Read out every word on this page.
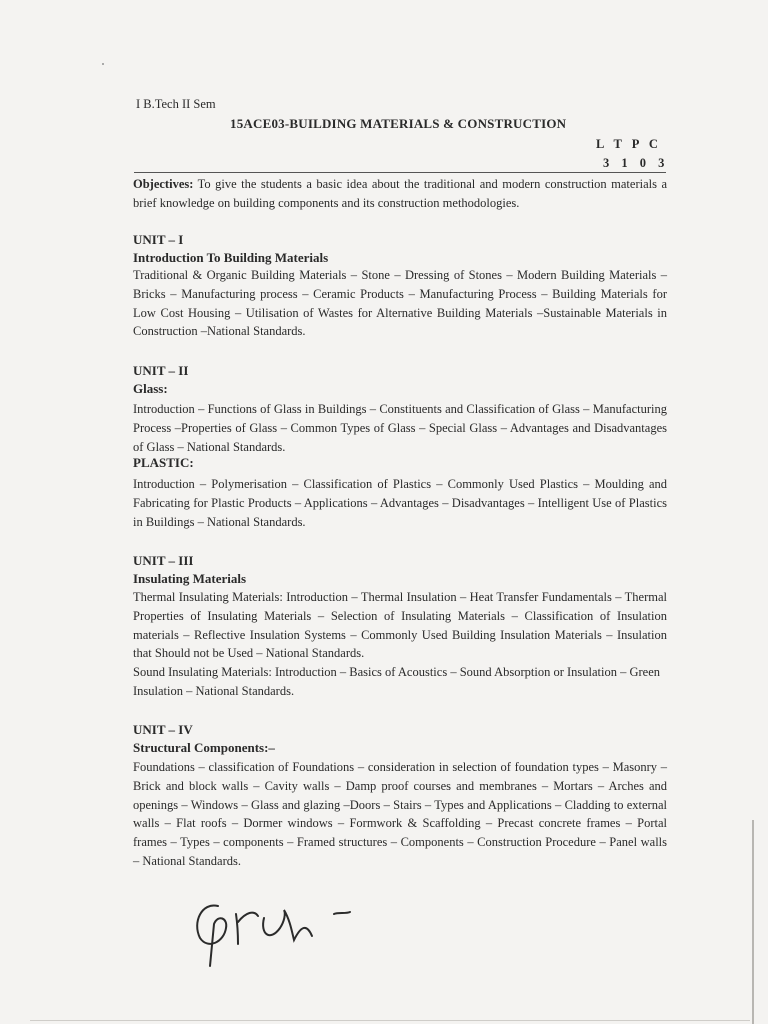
I B.Tech II Sem
15ACE03-BUILDING MATERIALS & CONSTRUCTION
L T P C
3 1 0 3
Objectives: To give the students a basic idea about the traditional and modern construction materials a brief knowledge on building components and its construction methodologies.
UNIT – I
Introduction To Building Materials
Traditional & Organic Building Materials – Stone – Dressing of Stones – Modern Building Materials – Bricks – Manufacturing process – Ceramic Products – Manufacturing Process – Building Materials for Low Cost Housing – Utilisation of Wastes for Alternative Building Materials –Sustainable Materials in Construction –National Standards.
UNIT – II
Glass:
Introduction – Functions of Glass in Buildings – Constituents and Classification of Glass – Manufacturing Process –Properties of Glass – Common Types of Glass – Special Glass – Advantages and Disadvantages of Glass – National Standards.
PLASTIC:
Introduction – Polymerisation – Classification of Plastics – Commonly Used Plastics – Moulding and Fabricating for Plastic Products – Applications – Advantages – Disadvantages – Intelligent Use of Plastics in Buildings – National Standards.
UNIT – III
Insulating Materials
Thermal Insulating Materials: Introduction – Thermal Insulation – Heat Transfer Fundamentals – Thermal Properties of Insulating Materials – Selection of Insulating Materials – Classification of Insulation materials – Reflective Insulation Systems – Commonly Used Building Insulation Materials – Insulation that Should not be Used – National Standards.
Sound Insulating Materials: Introduction – Basics of Acoustics – Sound Absorption or Insulation – Green Insulation – National Standards.
UNIT – IV
Structural Components:–
Foundations – classification of Foundations – consideration in selection of foundation types – Masonry – Brick and block walls – Cavity walls – Damp proof courses and membranes – Mortars – Arches and openings – Windows – Glass and glazing –Doors – Stairs – Types and Applications – Cladding to external walls – Flat roofs – Dormer windows – Formwork & Scaffolding – Precast concrete frames – Portal frames – Types – components – Framed structures – Components – Construction Procedure – Panel walls – National Standards.
